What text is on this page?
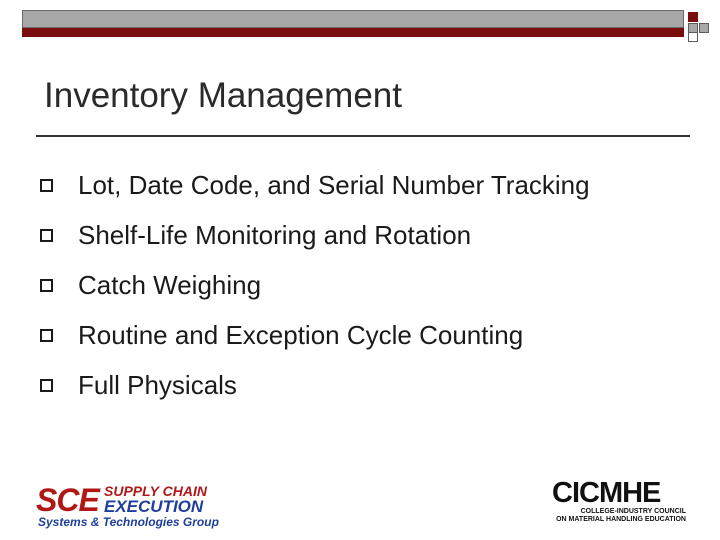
Inventory Management
Lot, Date Code, and Serial Number Tracking
Shelf-Life Monitoring and Rotation
Catch Weighing
Routine and Exception Cycle Counting
Full Physicals
SCE SUPPLY CHAIN
EXECUTION
Systems & Technologies Group
CICMHE
COLLEGE-INDUSTRY COUNCIL
ON MATERIAL HANDLING EDUCATION
